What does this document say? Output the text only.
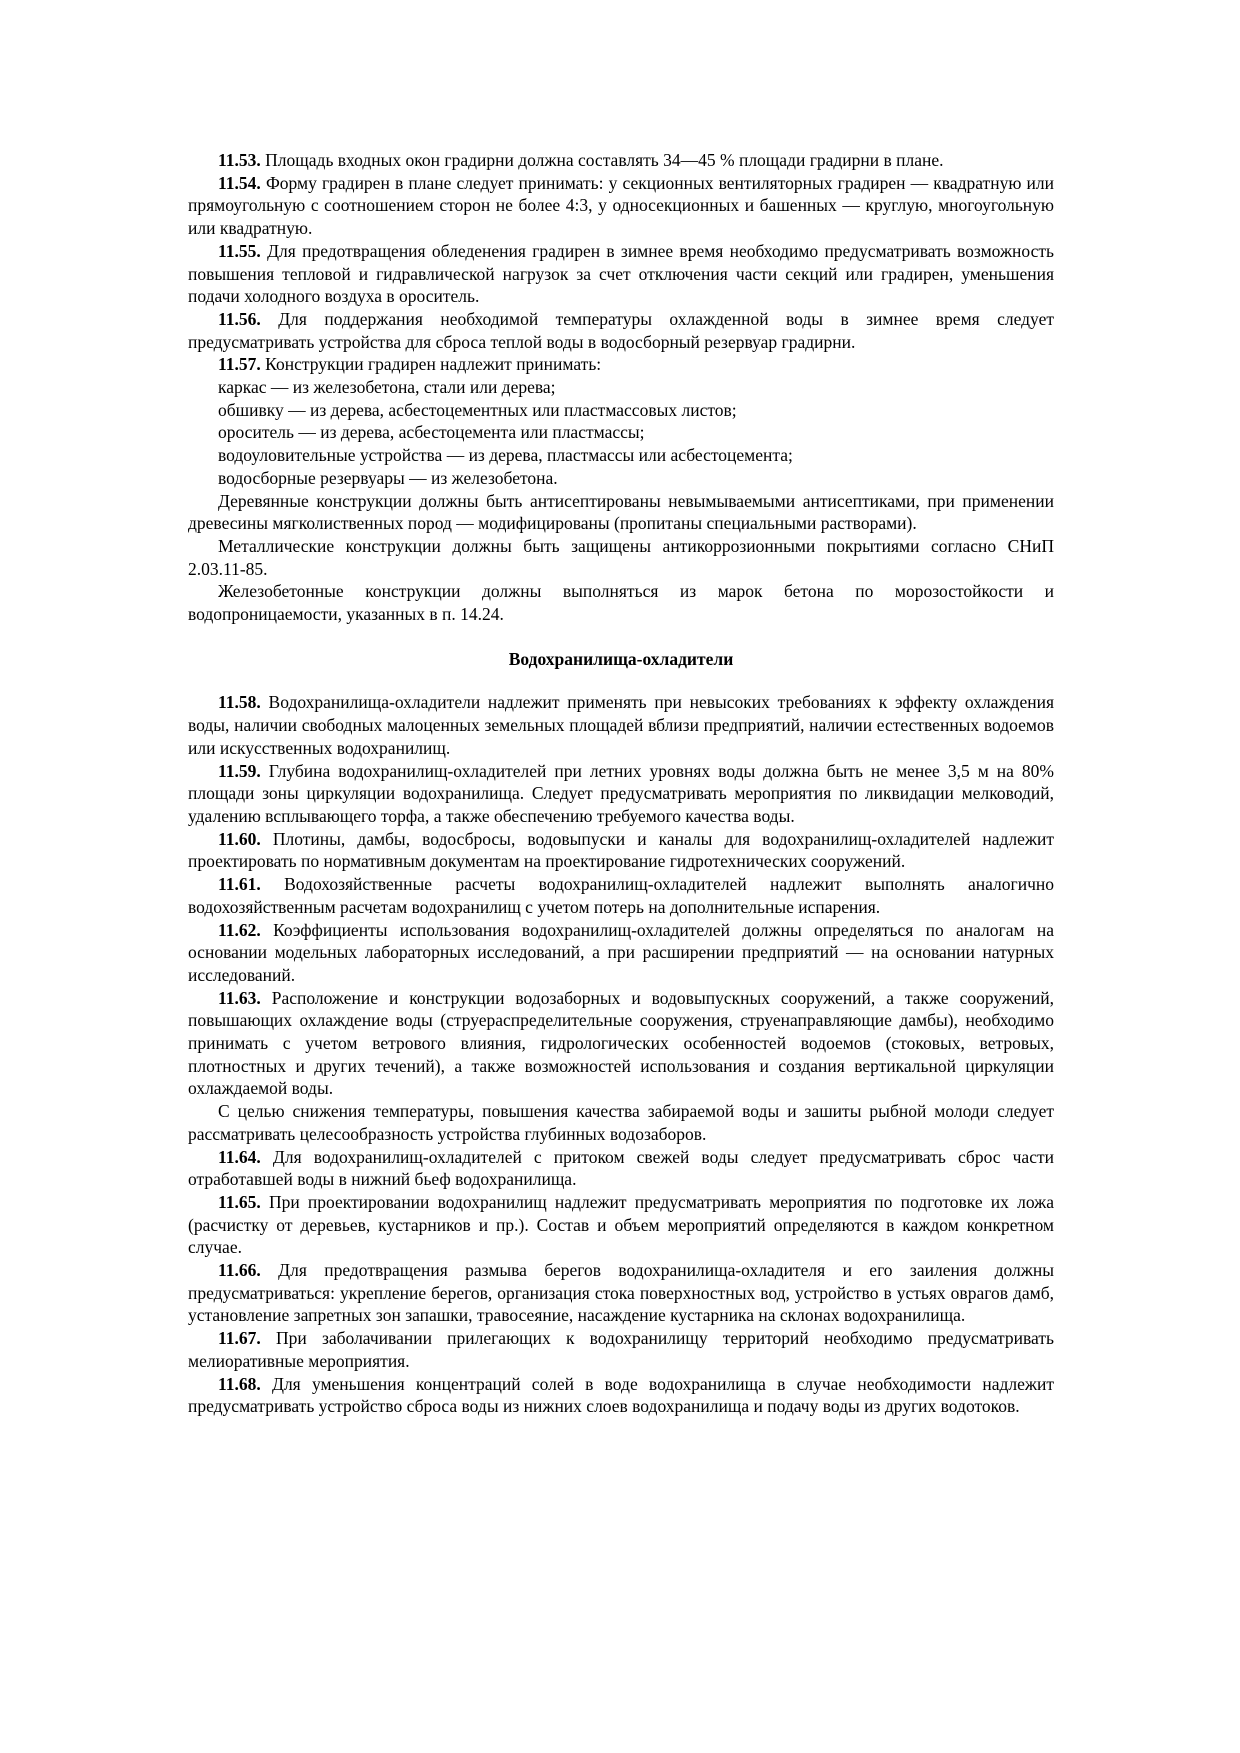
11.53. Площадь входных окон градирни должна составлять 34—45 % площади градирни в плане.

11.54. Форму градирен в плане следует принимать: у секционных вентиляторных градирен — квадратную или прямоугольную с соотношением сторон не более 4:3, у односекционных и башенных — круглую, многоугольную или квадратную.

11.55. Для предотвращения обледенения градирен в зимнее время необходимо предусматривать возможность повышения тепловой и гидравлической нагрузок за счет отключения части секций или градирен, уменьшения подачи холодного воздуха в ороситель.

11.56. Для поддержания необходимой температуры охлажденной воды в зимнее время следует предусматривать устройства для сброса теплой воды в водосборный резервуар градирни.

11.57. Конструкции градирен надлежит принимать:

каркас — из железобетона, стали или дерева;

обшивку — из дерева, асбестоцементных или пластмассовых листов;

ороситель — из дерева, асбестоцемента или пластмассы;

водоуловительные устройства — из дерева, пластмассы или асбестоцемента;

водосборные резервуары — из железобетона.

Деревянные конструкции должны быть антисептированы невымываемыми антисептиками, при применении древесины мягколиственных пород — модифицированы (пропитаны специальными растворами).

Металлические конструкции должны быть защищены антикоррозионными покрытиями согласно СНиП 2.03.11-85.

Железобетонные конструкции должны выполняться из марок бетона по морозостойкости и водопроницаемости, указанных в п. 14.24.

Водохранилища-охладители

11.58. Водохранилища-охладители надлежит применять при невысоких требованиях к эффекту охлаждения воды, наличии свободных малоценных земельных площадей вблизи предприятий, наличии естественных водоемов или искусственных водохранилищ.

11.59. Глубина водохранилищ-охладителей при летних уровнях воды должна быть не менее 3,5 м на 80% площади зоны циркуляции водохранилища. Следует предусматривать мероприятия по ликвидации мелководий, удалению всплывающего торфа, а также обеспечению требуемого качества воды.

11.60. Плотины, дамбы, водосбросы, водовыпуски и каналы для водохранилищ-охладителей надлежит проектировать по нормативным документам на проектирование гидротехнических сооружений.

11.61. Водохозяйственные расчеты водохранилищ-охладителей надлежит выполнять аналогично водохозяйственным расчетам водохранилищ с учетом потерь на дополнительные испарения.

11.62. Коэффициенты использования водохранилищ-охладителей должны определяться по аналогам на основании модельных лабораторных исследований, а при расширении предприятий — на основании натурных исследований.

11.63. Расположение и конструкции водозаборных и водовыпускных сооружений, а также сооружений, повышающих охлаждение воды (струераспределительные сооружения, струенаправляющие дамбы), необходимо принимать с учетом ветрового влияния, гидрологических особенностей водоемов (стоковых, ветровых, плотностных и других течений), а также возможностей использования и создания вертикальной циркуляции охлаждаемой воды.

С целью снижения температуры, повышения качества забираемой воды и зашиты рыбной молоди следует рассматривать целесообразность устройства глубинных водозаборов.

11.64. Для водохранилищ-охладителей с притоком свежей воды следует предусматривать сброс части отработавшей воды в нижний бьеф водохранилища.

11.65. При проектировании водохранилищ надлежит предусматривать мероприятия по подготовке их ложа (расчистку от деревьев, кустарников и пр.). Состав и объем мероприятий определяются в каждом конкретном случае.

11.66. Для предотвращения размыва берегов водохранилища-охладителя и его заиления должны предусматриваться: укрепление берегов, организация стока поверхностных вод, устройство в устьях оврагов дамб, установление запретных зон запашки, травосеяние, насаждение кустарника на склонах водохранилища.

11.67. При заболачивании прилегающих к водохранилищу территорий необходимо предусматривать мелиоративные мероприятия.

11.68. Для уменьшения концентраций солей в воде водохранилища в случае необходимости надлежит предусматривать устройство сброса воды из нижних слоев водохранилища и подачу воды из других водотоков.
